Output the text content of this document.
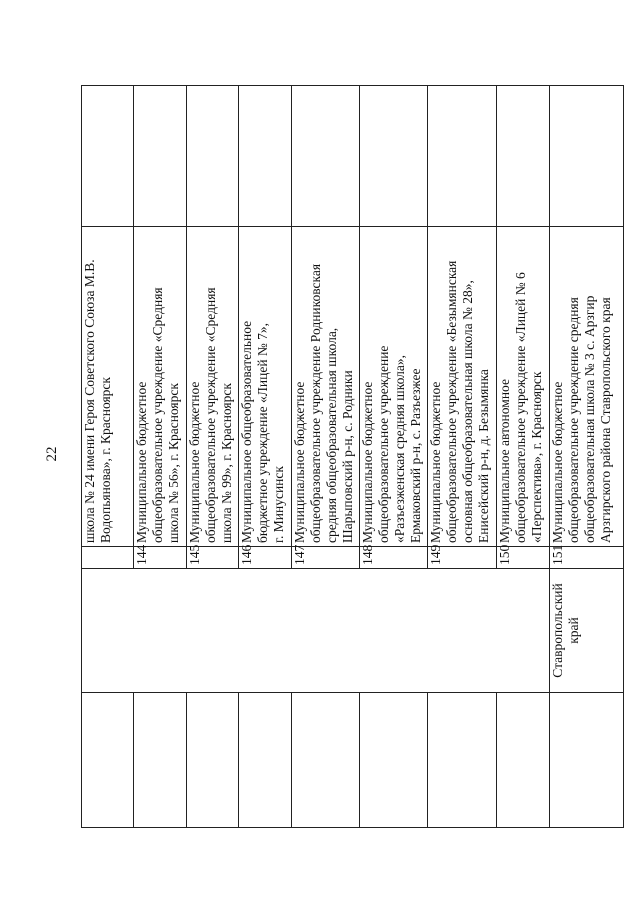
22

			школа № 24 имени Героя Советского Союза М.В. Водопьянова», г. Красноярск	

		144	Муниципальное бюджетное общеобразовательное учреждение «Средняя школа № 56», г. Красноярск	

		145	Муниципальное бюджетное общеобразовательное учреждение «Средняя школа № 99», г. Красноярск	

		146	Муниципальное общеобразовательное бюджетное учреждение «Лицей № 7», г. Минусинск	

		147	Муниципальное бюджетное общеобразовательное учреждение Родниковская средняя общеобразовательная школа, Шарыповский р-н, с. Родники	

		148	Муниципальное бюджетное общеобразовательное учреждение «Разъезженская средняя школа», Ермаковский р-н, с. Разъезжее	

		149	Муниципальное бюджетное общеобразовательное учреждение «Безымянская основная общеобразовательная школа № 28», Енисейский р-н, д. Безымянка	

		150	Муниципальное автономное общеобразовательное учреждение «Лицей № 6 «Перспектива», г. Красноярск	

	Ставропольский край	151	Муниципальное бюджетное общеобразовательное учреждение средняя общеобразовательная школа № 3 с. Арзгир Арзгирского района Ставропольского края	
